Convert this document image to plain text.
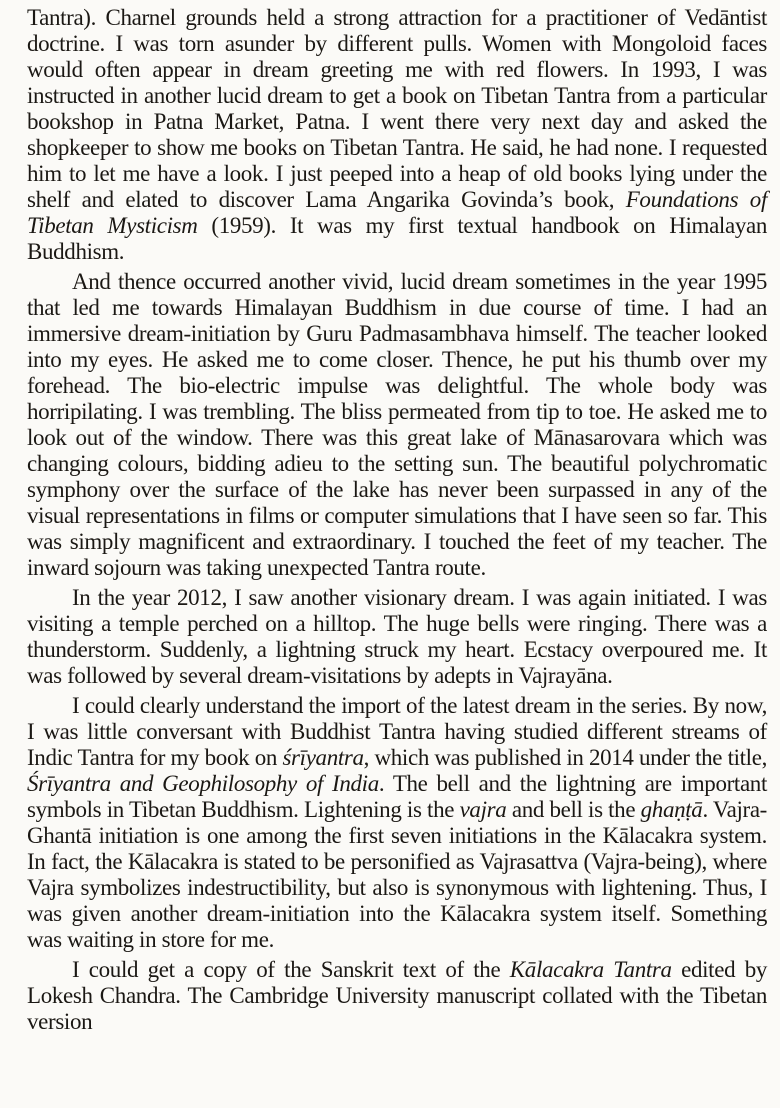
Tantra). Charnel grounds held a strong attraction for a practitioner of Vedāntist doctrine. I was torn asunder by different pulls. Women with Mongoloid faces would often appear in dream greeting me with red flowers. In 1993, I was instructed in another lucid dream to get a book on Tibetan Tantra from a particular bookshop in Patna Market, Patna. I went there very next day and asked the shopkeeper to show me books on Tibetan Tantra. He said, he had none. I requested him to let me have a look. I just peeped into a heap of old books lying under the shelf and elated to discover Lama Angarika Govinda’s book, Foundations of Tibetan Mysticism (1959). It was my first textual handbook on Himalayan Buddhism.

And thence occurred another vivid, lucid dream sometimes in the year 1995 that led me towards Himalayan Buddhism in due course of time. I had an immersive dream-initiation by Guru Padmasambhava himself. The teacher looked into my eyes. He asked me to come closer. Thence, he put his thumb over my forehead. The bio-electric impulse was delightful. The whole body was horripilating. I was trembling. The bliss permeated from tip to toe. He asked me to look out of the window. There was this great lake of Mānasarovara which was changing colours, bidding adieu to the setting sun. The beautiful polychromatic symphony over the surface of the lake has never been surpassed in any of the visual representations in films or computer simulations that I have seen so far. This was simply magnificent and extraordinary. I touched the feet of my teacher. The inward sojourn was taking unexpected Tantra route.

In the year 2012, I saw another visionary dream. I was again initiated. I was visiting a temple perched on a hilltop. The huge bells were ringing. There was a thunderstorm. Suddenly, a lightning struck my heart. Ecstacy overpoured me. It was followed by several dream-visitations by adepts in Vajrayāna.

I could clearly understand the import of the latest dream in the series. By now, I was little conversant with Buddhist Tantra having studied different streams of Indic Tantra for my book on śrīyantra, which was published in 2014 under the title, Śrīyantra and Geophilosophy of India. The bell and the lightning are important symbols in Tibetan Buddhism. Lightening is the vajra and bell is the ghaṇṭā. Vajra-Ghantā initiation is one among the first seven initiations in the Kālacakra system. In fact, the Kālacakra is stated to be personified as Vajrasattva (Vajra-being), where Vajra symbolizes indestructibility, but also is synonymous with lightening. Thus, I was given another dream-initiation into the Kālacakra system itself. Something was waiting in store for me.

I could get a copy of the Sanskrit text of the Kālacakra Tantra edited by Lokesh Chandra. The Cambridge University manuscript collated with the Tibetan version
